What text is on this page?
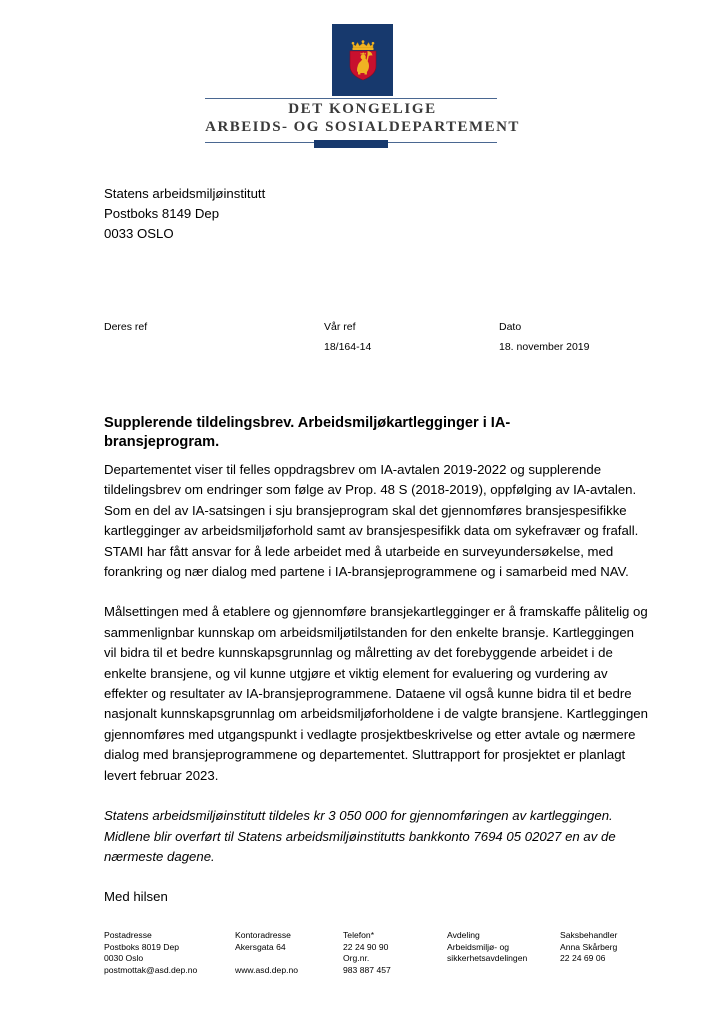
DET KONGELIGE
ARBEIDS- OG SOSIALDEPARTEMENT
Statens arbeidsmiljøinstitutt
Postboks 8149 Dep
0033 OSLO
Deres ref	Vår ref
18/164-14
Dato
18. november 2019
Supplerende tildelingsbrev. Arbeidsmiljøkartlegginger i IA-bransjeprogram.

Departementet viser til felles oppdragsbrev om IA-avtalen 2019-2022 og supplerende tildelingsbrev om endringer som følge av Prop. 48 S (2018-2019), oppfølging av IA-avtalen. Som en del av IA-satsingen i sju bransjeprogram skal det gjennomføres bransjespesifikke kartlegginger av arbeidsmiljøforhold samt av bransjespesifikk data om sykefravær og frafall. STAMI har fått ansvar for å lede arbeidet med å utarbeide en surveyundersøkelse, med forankring og nær dialog med partene i IA-bransjeprogrammene og i samarbeid med NAV.

Målsettingen med å etablere og gjennomføre bransjekartlegginger er å framskaffe pålitelig og sammenlignbar kunnskap om arbeidsmiljøtilstanden for den enkelte bransje. Kartleggingen vil bidra til et bedre kunnskapsgrunnlag og målretting av det forebyggende arbeidet i de enkelte bransjene, og vil kunne utgjøre et viktig element for evaluering og vurdering av effekter og resultater av IA-bransjeprogrammene. Dataene vil også kunne bidra til et bedre nasjonalt kunnskapsgrunnlag om arbeidsmiljøforholdene i de valgte bransjene. Kartleggingen gjennomføres med utgangspunkt i vedlagte prosjektbeskrivelse og etter avtale og nærmere dialog med bransjeprogrammene og departementet. Sluttrapport for prosjektet er planlagt levert februar 2023.

Statens arbeidsmiljøinstitutt tildeles kr 3 050 000 for gjennomføringen av kartleggingen. Midlene blir overført til Statens arbeidsmiljøinstitutts bankkonto 7694 05 02027 en av de nærmeste dagene.

Med hilsen

Postadresse
Postboks 8019 Dep
0030 Oslo
postmottak@asd.dep.no
Kontoradresse
Akersgata 64
www.asd.dep.no
Telefon*
22 24 90 90
Org.nr.
983 887 457
Avdeling
Arbeidsmiljø- og
sikkerhetsavdelingen
Saksbehandler
Anna Skårberg
22 24 69 06
